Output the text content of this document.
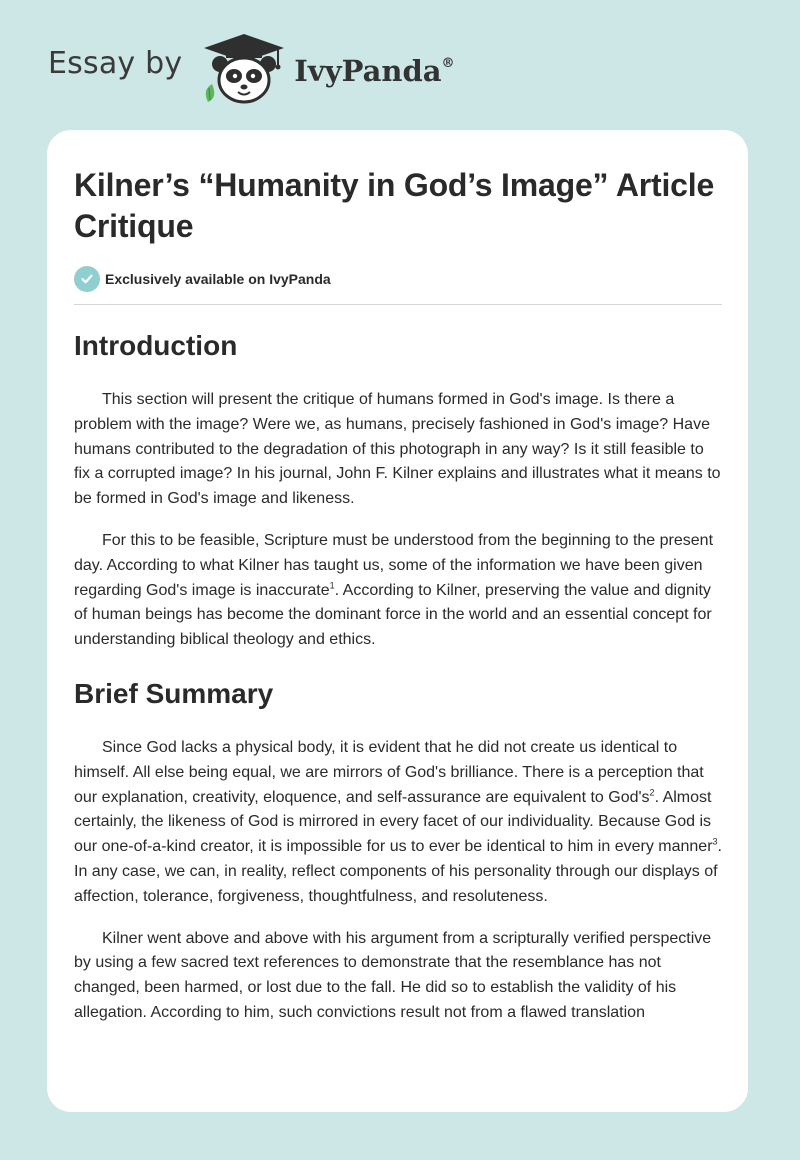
Essay by	IvyPanda®
Kilner’s “Humanity in God’s Image” Article Critique
Exclusively available on IvyPanda
Introduction

This section will present the critique of humans formed in God's image. Is there a problem with the image? Were we, as humans, precisely fashioned in God's image? Have humans contributed to the degradation of this photograph in any way? Is it still feasible to fix a corrupted image? In his journal, John F. Kilner explains and illustrates what it means to be formed in God's image and likeness.

For this to be feasible, Scripture must be understood from the beginning to the present day. According to what Kilner has taught us, some of the information we have been given regarding God's image is inaccurate$^1$. According to Kilner, preserving the value and dignity of human beings has become the dominant force in the world and an essential concept for understanding biblical theology and ethics.

Brief Summary

Since God lacks a physical body, it is evident that he did not create us identical to himself. All else being equal, we are mirrors of God's brilliance. There is a perception that our explanation, creativity, eloquence, and self-assurance are equivalent to God's$^2$. Almost certainly, the likeness of God is mirrored in every facet of our individuality. Because God is our one-of-a-kind creator, it is impossible for us to ever be identical to him in every manner$^3$. In any case, we can, in reality, reflect components of his personality through our displays of affection, tolerance, forgiveness, thoughtfulness, and resoluteness.

Kilner went above and above with his argument from a scripturally verified perspective by using a few sacred text references to demonstrate that the resemblance has not changed, been harmed, or lost due to the fall. He did so to establish the validity of his allegation. According to him, such convictions result not from a flawed translation
